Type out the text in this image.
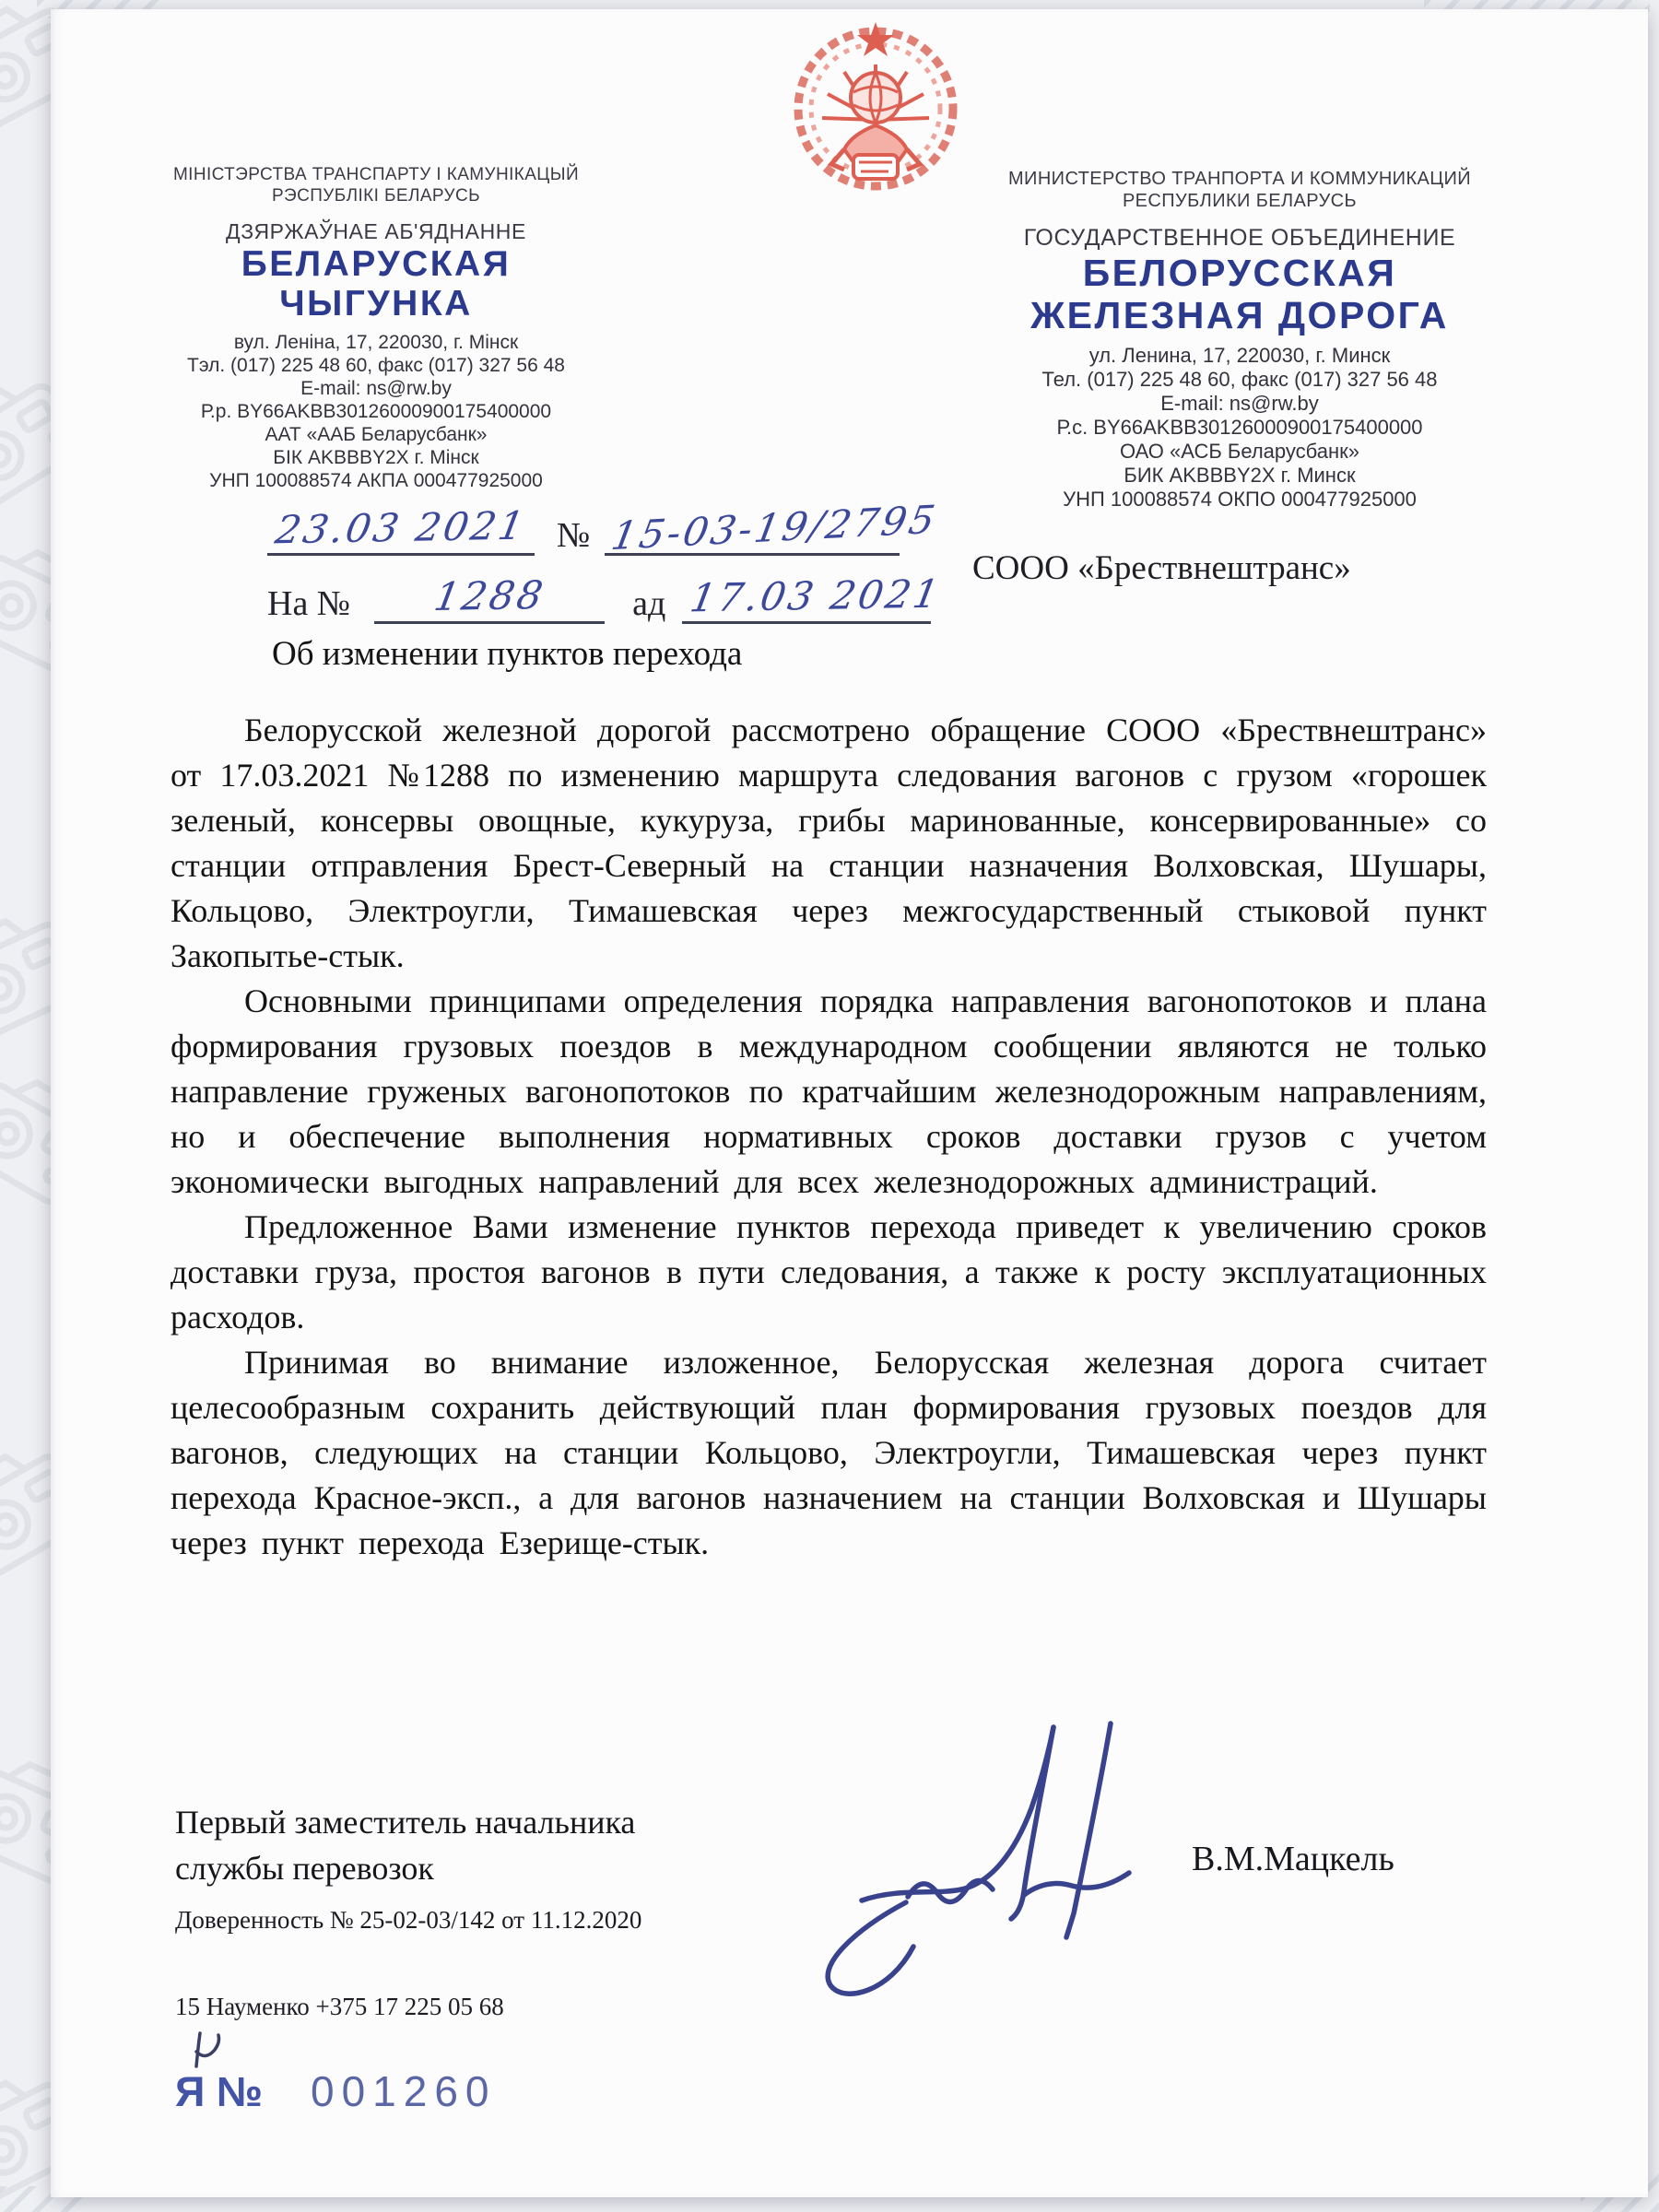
МІНІСТЭРСТВА ТРАНСПАРТУ І КАМУНІКАЦЫЙ
РЭСПУБЛІКІ БЕЛАРУСЬ
ДЗЯРЖАЎНАЕ АБ'ЯДНАННЕ
БЕЛАРУСКАЯ
ЧЫГУНКА
вул. Леніна, 17, 220030, г. Мінск
Тэл. (017) 225 48 60, факс (017) 327 56 48
E-mail: ns@rw.by
Р.р. BY66AKBB30126000900175400000
ААТ «ААБ Беларусбанк»
БІК AKBBBY2X г. Мінск
УНП 100088574 АКПА 000477925000
МИНИСТЕРСТВО ТРАНПОРТА И КОММУНИКАЦИЙ
РЕСПУБЛИКИ БЕЛАРУСЬ
ГОСУДАРСТВЕННОЕ ОБЪЕДИНЕНИЕ
БЕЛОРУССКАЯ
ЖЕЛЕЗНАЯ ДОРОГА
ул. Ленина, 17, 220030, г. Минск
Тел. (017) 225 48 60, факс (017) 327 56 48
E-mail: ns@rw.by
Р.с. BY66AKBB30126000900175400000
ОАО «АСБ Беларусбанк»
БИК AKBBBY2X г. Минск
УНП 100088574 ОКПО 000477925000
23.03 2021 № 15-03-19/2795
На № 1288 ад 17.03 2021
СООО «Брествнештранс»
Об изменении пунктов перехода

Белорусской железной дорогой рассмотрено обращение СООО «Брествнештранс» от 17.03.2021 №1288 по изменению маршрута следования вагонов с грузом «горошек зеленый, консервы овощные, кукуруза, грибы маринованные, консервированные» со станции отправления Брест-Северный на станции назначения Волховская, Шушары, Кольцово, Электроугли, Тимашевская через межгосударственный стыковой пункт Закопытье-стык.

Основными принципами определения порядка направления вагонопотоков и плана формирования грузовых поездов в международном сообщении являются не только направление груженых вагонопотоков по кратчайшим железнодорожным направлениям, но и обеспечение выполнения нормативных сроков доставки грузов с учетом экономически выгодных направлений для всех железнодорожных администраций.

Предложенное Вами изменение пунктов перехода приведет к увеличению сроков доставки груза, простоя вагонов в пути следования, а также к росту эксплуатационных расходов.

Принимая во внимание изложенное, Белорусская железная дорога считает целесообразным сохранить действующий план формирования грузовых поездов для вагонов, следующих на станции Кольцово, Электроугли, Тимашевская через пункт перехода Красное-эксп., а для вагонов назначением на станции Волховская и Шушары через пункт перехода Езерище-стык.

Первый заместитель начальника
службы перевозок
Доверенность № 25-02-03/142 от 11.12.2020
В.М.Мацкель
15 Науменко +375 17 225 05 68
Я № 001260
